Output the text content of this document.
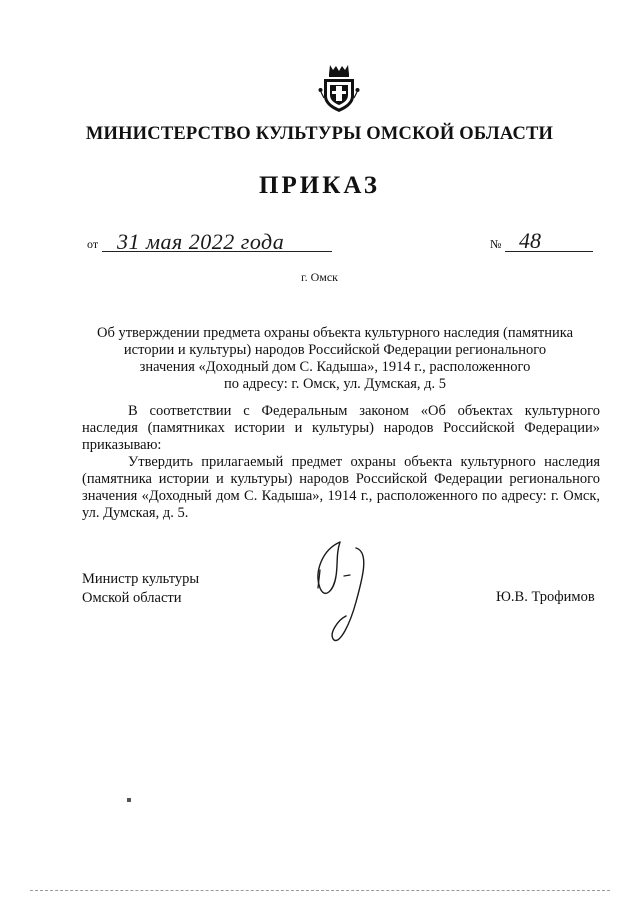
МИНИСТЕРСТВО КУЛЬТУРЫ ОМСКОЙ ОБЛАСТИ
ПРИКАЗ
от 31 мая 2022 года	№ 48
г. Омск
Об утверждении предмета охраны объекта культурного наследия (памятника
истории и культуры) народов Российской Федерации регионального
значения «Доходный дом С. Кадыша», 1914 г., расположенного
по адресу: г. Омск, ул. Думская, д. 5

В соответствии с Федеральным законом «Об объектах культурного наследия (памятниках истории и культуры) народов Российской Федерации» приказываю:

Утвердить прилагаемый предмет охраны объекта культурного наследия (памятника истории и культуры) народов Российской Федерации регионального значения «Доходный дом С. Кадыша», 1914 г., расположенного по адресу: г. Омск, ул. Думская, д. 5.

Министр культуры
Омской области	Ю.В. Трофимов
